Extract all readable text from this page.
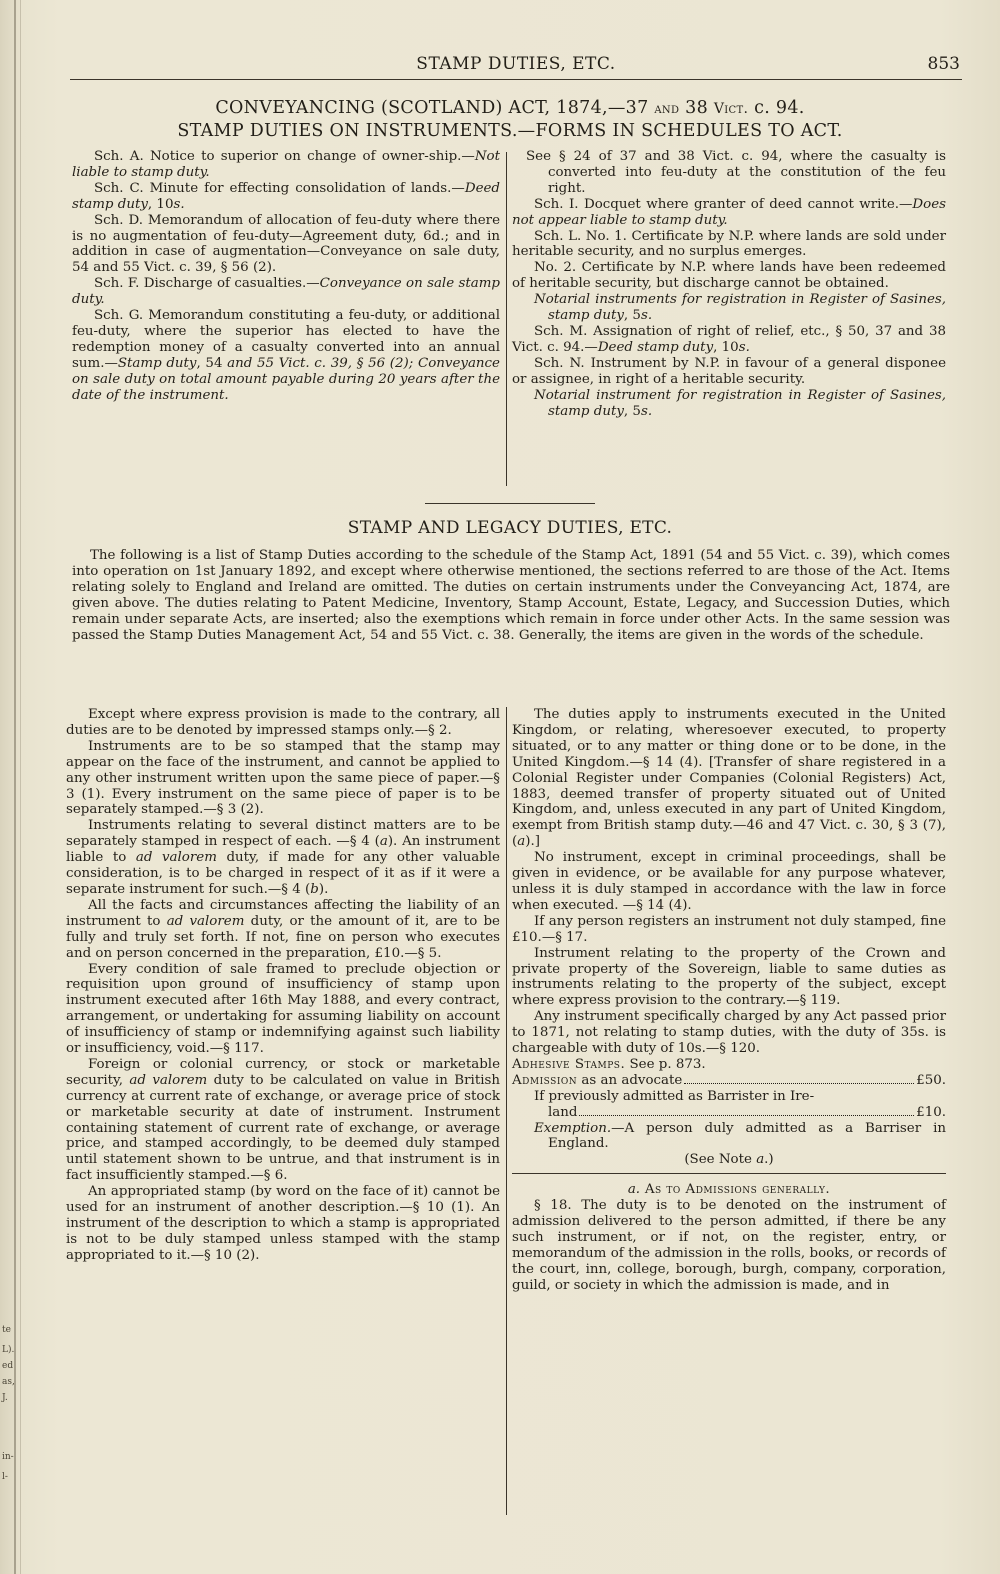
te
L).
ed
as,
J.
in-
l-
STAMP DUTIES, ETC.	853
CONVEYANCING (SCOTLAND) ACT, 1874,—37 and 38 Vict. c. 94.
STAMP DUTIES ON INSTRUMENTS.—FORMS IN SCHEDULES TO ACT.

Sch. A. Notice to superior on change of owner-ship.—Not liable to stamp duty.

Sch. C. Minute for effecting consolidation of lands.—Deed stamp duty, 10s.

Sch. D. Memorandum of allocation of feu-duty where there is no augmentation of feu-duty—Agreement duty, 6d.; and in addition in case of augmentation—Conveyance on sale duty, 54 and 55 Vict. c. 39, § 56 (2).

Sch. F. Discharge of casualties.—Conveyance on sale stamp duty.

Sch. G. Memorandum constituting a feu-duty, or additional feu-duty, where the superior has elected to have the redemption money of a casualty converted into an annual sum.—Stamp duty, 54 and 55 Vict. c. 39, § 56 (2); Conveyance on sale duty on total amount payable during 20 years after the date of the instrument.

See § 24 of 37 and 38 Vict. c. 94, where the casualty is converted into feu-duty at the constitution of the feu right.

Sch. I. Docquet where granter of deed cannot write.—Does not appear liable to stamp duty.

Sch. L. No. 1. Certificate by N.P. where lands are sold under heritable security, and no surplus emerges.

No. 2. Certificate by N.P. where lands have been redeemed of heritable security, but discharge cannot be obtained.

Notarial instruments for registration in Register of Sasines, stamp duty, 5s.

Sch. M. Assignation of right of relief, etc., § 50, 37 and 38 Vict. c. 94.—Deed stamp duty, 10s.

Sch. N. Instrument by N.P. in favour of a general disponee or assignee, in right of a heritable security.

Notarial instrument for registration in Register of Sasines, stamp duty, 5s.

STAMP AND LEGACY DUTIES, ETC.

The following is a list of Stamp Duties according to the schedule of the Stamp Act, 1891 (54 and 55 Vict. c. 39), which comes into operation on 1st January 1892, and except where otherwise mentioned, the sections referred to are those of the Act. Items relating solely to England and Ireland are omitted. The duties on certain instruments under the Conveyancing Act, 1874, are given above. The duties relating to Patent Medicine, Inventory, Stamp Account, Estate, Legacy, and Succession Duties, which remain under separate Acts, are inserted; also the exemptions which remain in force under other Acts. In the same session was passed the Stamp Duties Management Act, 54 and 55 Vict. c. 38. Generally, the items are given in the words of the schedule.

Except where express provision is made to the contrary, all duties are to be denoted by impressed stamps only.—§ 2.

Instruments are to be so stamped that the stamp may appear on the face of the instrument, and cannot be applied to any other instrument written upon the same piece of paper.—§ 3 (1). Every instrument on the same piece of paper is to be separately stamped.—§ 3 (2).

Instruments relating to several distinct matters are to be separately stamped in respect of each. —§ 4 (a). An instrument liable to ad valorem duty, if made for any other valuable consideration, is to be charged in respect of it as if it were a separate instrument for such.—§ 4 (b).

All the facts and circumstances affecting the liability of an instrument to ad valorem duty, or the amount of it, are to be fully and truly set forth. If not, fine on person who executes and on person concerned in the preparation, £10.—§ 5.

Every condition of sale framed to preclude objection or requisition upon ground of insufficiency of stamp upon instrument executed after 16th May 1888, and every contract, arrangement, or undertaking for assuming liability on account of insufficiency of stamp or indemnifying against such liability or insufficiency, void.—§ 117.

Foreign or colonial currency, or stock or marketable security, ad valorem duty to be calculated on value in British currency at current rate of exchange, or average price of stock or marketable security at date of instrument. Instrument containing statement of current rate of exchange, or average price, and stamped accordingly, to be deemed duly stamped until statement shown to be untrue, and that instrument is in fact insufficiently stamped.—§ 6.

An appropriated stamp (by word on the face of it) cannot be used for an instrument of another description.—§ 10 (1). An instrument of the description to which a stamp is appropriated is not to be duly stamped unless stamped with the stamp appropriated to it.—§ 10 (2).

The duties apply to instruments executed in the United Kingdom, or relating, wheresoever executed, to property situated, or to any matter or thing done or to be done, in the United Kingdom.—§ 14 (4). [Transfer of share registered in a Colonial Register under Companies (Colonial Registers) Act, 1883, deemed transfer of property situated out of United Kingdom, and, unless executed in any part of United Kingdom, exempt from British stamp duty.—46 and 47 Vict. c. 30, § 3 (7), (a).]

No instrument, except in criminal proceedings, shall be given in evidence, or be available for any purpose whatever, unless it is duly stamped in accordance with the law in force when executed. —§ 14 (4).

If any person registers an instrument not duly stamped, fine £10.—§ 17.

Instrument relating to the property of the Crown and private property of the Sovereign, liable to same duties as instruments relating to the property of the subject, except where express provision to the contrary.—§ 119.

Any instrument specifically charged by any Act passed prior to 1871, not relating to stamp duties, with the duty of 35s. is chargeable with duty of 10s.—§ 120.

Adhesive Stamps. See p. 873.

Admission as an advocate	£50.

If previously admitted as Barrister in Ire-

land	£10.

Exemption.—A person duly admitted as a Barriser in England.

(See Note a.)

a. As to Admissions generally.

§ 18. The duty is to be denoted on the instrument of admission delivered to the person admitted, if there be any such instrument, or if not, on the register, entry, or memorandum of the admission in the rolls, books, or records of the court, inn, college, borough, burgh, company, corporation, guild, or society in which the admission is made, and in
